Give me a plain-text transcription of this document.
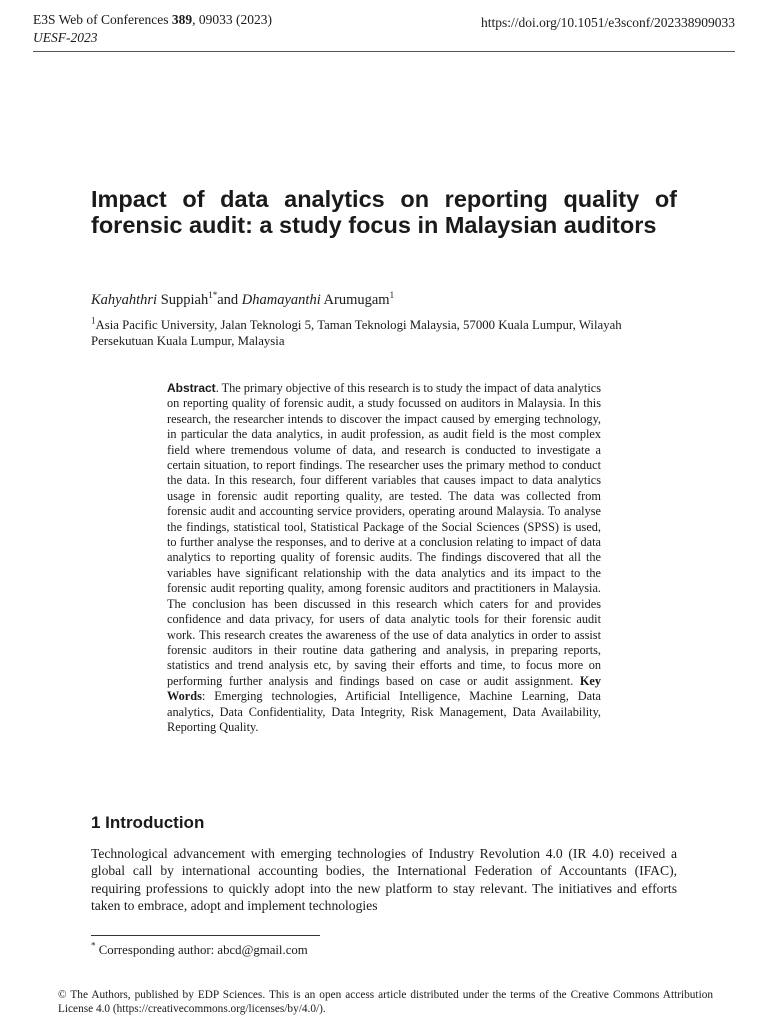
E3S Web of Conferences 389, 09033 (2023)
UESF-2023
https://doi.org/10.1051/e3sconf/202338909033
Impact of data analytics on reporting quality of forensic audit: a study focus in Malaysian auditors
Kahyahthri Suppiah$^{1*}$and Dhamayanthi Arumugam$^1$
$^1$Asia Pacific University, Jalan Teknologi 5, Taman Teknologi Malaysia, 57000 Kuala Lumpur, Wilayah Persekutuan Kuala Lumpur, Malaysia
Abstract. The primary objective of this research is to study the impact of data analytics on reporting quality of forensic audit, a study focussed on auditors in Malaysia. In this research, the researcher intends to discover the impact caused by emerging technology, in particular the data analytics, in audit profession, as audit field is the most complex field where tremendous volume of data, and research is conducted to investigate a certain situation, to report findings. The researcher uses the primary method to conduct the data. In this research, four different variables that causes impact to data analytics usage in forensic audit reporting quality, are tested. The data was collected from forensic audit and accounting service providers, operating around Malaysia. To analyse the findings, statistical tool, Statistical Package of the Social Sciences (SPSS) is used, to further analyse the responses, and to derive at a conclusion relating to impact of data analytics to reporting quality of forensic audits. The findings discovered that all the variables have significant relationship with the data analytics and its impact to the forensic audit reporting quality, among forensic auditors and practitioners in Malaysia. The conclusion has been discussed in this research which caters for and provides confidence and data privacy, for users of data analytic tools for their forensic audit work. This research creates the awareness of the use of data analytics in order to assist forensic auditors in their routine data gathering and analysis, in preparing reports, statistics and trend analysis etc, by saving their efforts and time, to focus more on performing further analysis and findings based on case or audit assignment. Key Words: Emerging technologies, Artificial Intelligence, Machine Learning, Data analytics, Data Confidentiality, Data Integrity, Risk Management, Data Availability, Reporting Quality.
1 Introduction

Technological advancement with emerging technologies of Industry Revolution 4.0 (IR 4.0) received a global call by international accounting bodies, the International Federation of Accountants (IFAC), requiring professions to quickly adopt into the new platform to stay relevant. The initiatives and efforts taken to embrace, adopt and implement technologies

* Corresponding author: abcd@gmail.com

© The Authors, published by EDP Sciences. This is an open access article distributed under the terms of the Creative Commons Attribution License 4.0 (https://creativecommons.org/licenses/by/4.0/).
